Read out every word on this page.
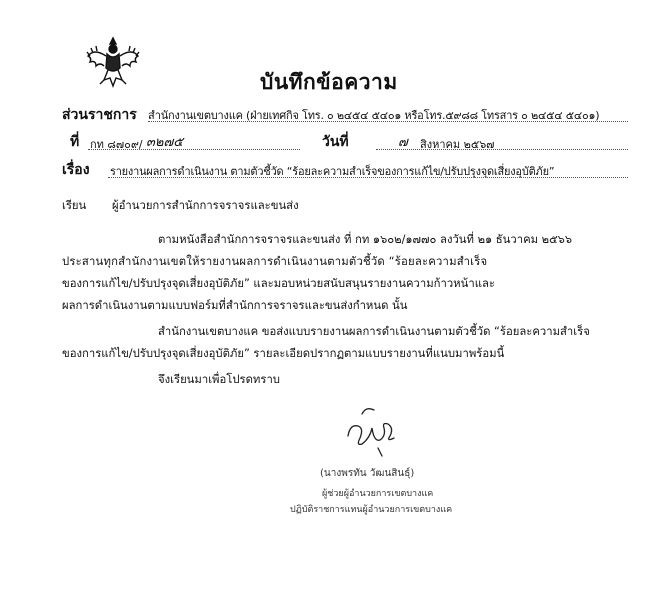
บันทึกข้อความ
ส่วนราชการ สำนักงานเขตบางแค (ฝ่ายเทศกิจ โทร. ๐ ๒๔๕๔ ๕๔๐๑ หรือโทร.๕๙๘๘ โทรสาร ๐ ๒๔๕๔ ๕๔๐๑)
ที่ กท ๘๗๐๙/ ๓๒๗๕	วันที่	๗ สิงหาคม ๒๕๖๗
เรื่อง รายงานผลการดำเนินงาน ตามตัวชี้วัด “ร้อยละความสำเร็จของการแก้ไข/ปรับปรุงจุดเสี่ยงอุบัติภัย”
เรียน ผู้อำนวยการสำนักการจราจรและขนส่ง
ตามหนังสือสำนักการจราจรและขนส่ง ที่ กท ๑๖๐๒/๑๗๗๐ ลงวันที่ ๒๑ ธันวาคม ๒๕๖๖
ประสานทุกสำนักงานเขตให้รายงานผลการดำเนินงานตามตัวชี้วัด “ร้อยละความสำเร็จ
ของการแก้ไข/ปรับปรุงจุดเสี่ยงอุบัติภัย” และมอบหน่วยสนับสนุนรายงานความก้าวหน้าและ
ผลการดำเนินงานตามแบบฟอร์มที่สำนักการจราจรและขนส่งกำหนด นั้น
สำนักงานเขตบางแค ขอส่งแบบรายงานผลการดำเนินงานตามตัวชี้วัด “ร้อยละความสำเร็จ
ของการแก้ไข/ปรับปรุงจุดเสี่ยงอุบัติภัย” รายละเอียดปรากฏตามแบบรายงานที่แนบมาพร้อมนี้
จึงเรียนมาเพื่อโปรดทราบ
(นางพรทัน วัฒนสินธุ์)
ผู้ช่วยผู้อำนวยการเขตบางแค
ปฏิบัติราชการแทนผู้อำนวยการเขตบางแค
